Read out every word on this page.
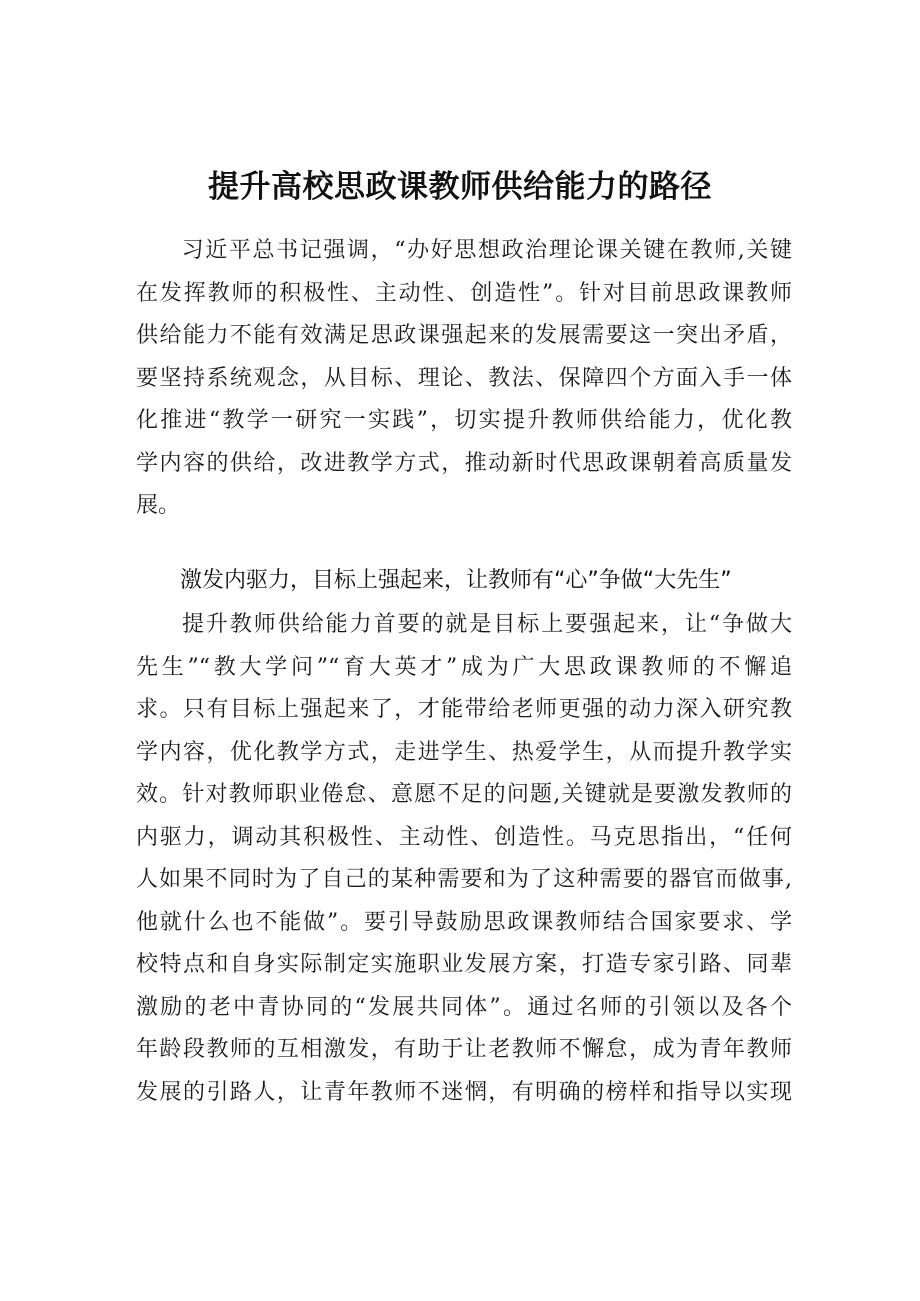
提升高校思政课教师供给能力的路径
习近平总书记强调，“办好思想政治理论课关键在教师,关键
在发挥教师的积极性、主动性、创造性”。针对目前思政课教师
供给能力不能有效满足思政课强起来的发展需要这一突出矛盾，
要坚持系统观念，从目标、理论、教法、保障四个方面入手一体
化推进“教学一研究一实践”，切实提升教师供给能力，优化教
学内容的供给，改进教学方式，推动新时代思政课朝着高质量发
展。
激发内驱力，目标上强起来，让教师有“心”争做“大先生”
提升教师供给能力首要的就是目标上要强起来，让“争做大
先生”“教大学问”“育大英才”成为广大思政课教师的不懈追
求。只有目标上强起来了，才能带给老师更强的动力深入研究教
学内容，优化教学方式，走进学生、热爱学生，从而提升教学实
效。针对教师职业倦怠、意愿不足的问题,关键就是要激发教师的
内驱力，调动其积极性、主动性、创造性。马克思指出，“任何
人如果不同时为了自己的某种需要和为了这种需要的器官而做事,
他就什么也不能做”。要引导鼓励思政课教师结合国家要求、学
校特点和自身实际制定实施职业发展方案，打造专家引路、同辈
激励的老中青协同的“发展共同体”。通过名师的引领以及各个
年龄段教师的互相激发，有助于让老教师不懈怠，成为青年教师
发展的引路人，让青年教师不迷惘，有明确的榜样和指导以实现
